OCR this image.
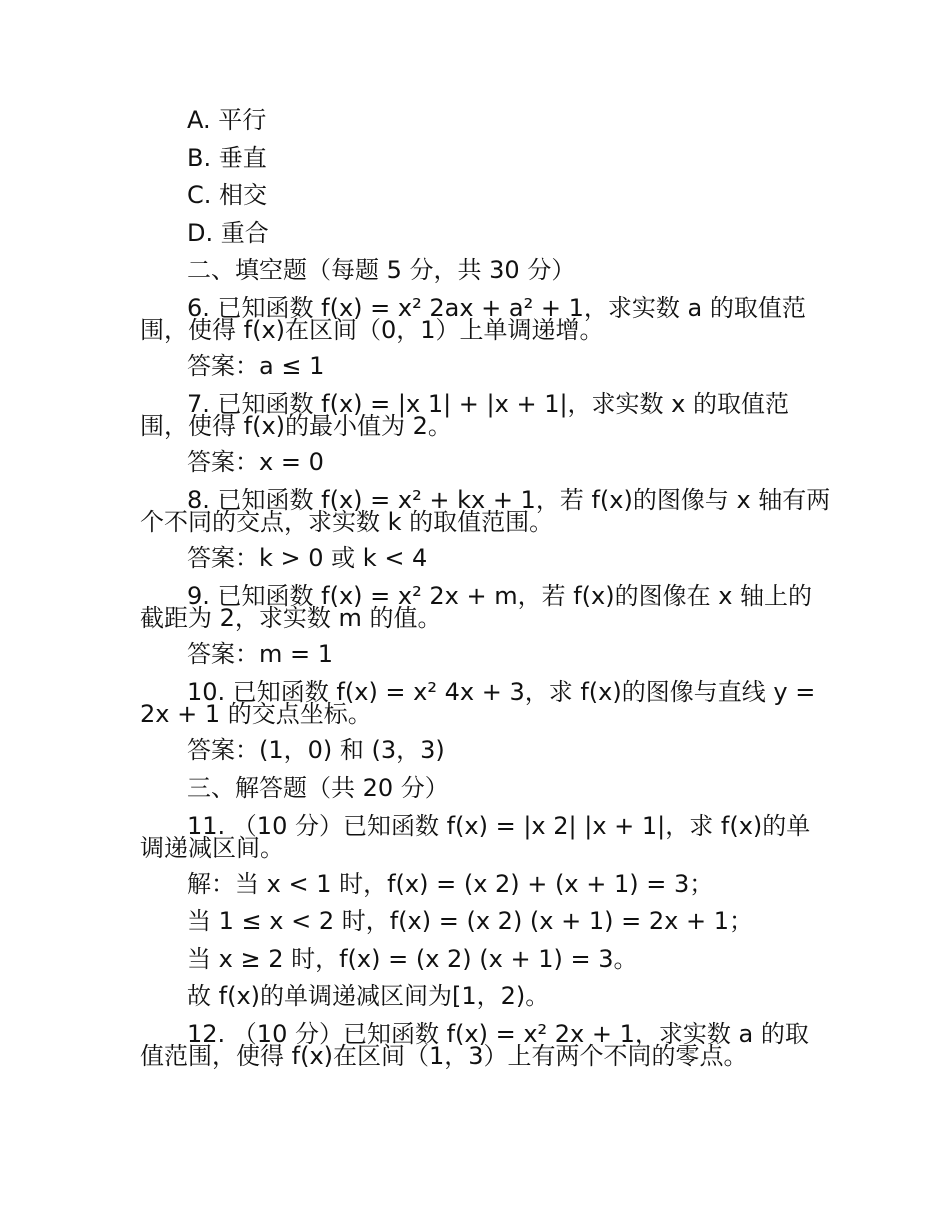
A. 平行

B. 垂直

C. 相交

D. 重合

二、填空题（每题 5 分，共 30 分）

6. 已知函数 f(x) = x² 2ax + a² + 1，求实数 a 的取值范

围，使得 f(x)在区间（0，1）上单调递增。

答案：a ≤ 1

7. 已知函数 f(x) = |x 1| + |x + 1|，求实数 x 的取值范

围，使得 f(x)的最小值为 2。

答案：x = 0

8. 已知函数 f(x) = x² + kx + 1，若 f(x)的图像与 x 轴有两

个不同的交点，求实数 k 的取值范围。

答案：k > 0 或 k < 4

9. 已知函数 f(x) = x² 2x + m，若 f(x)的图像在 x 轴上的

截距为 2，求实数 m 的值。

答案：m = 1

10. 已知函数 f(x) = x² 4x + 3，求 f(x)的图像与直线 y =

2x + 1 的交点坐标。

答案：(1，0) 和 (3，3)

三、解答题（共 20 分）

11. （10 分）已知函数 f(x) = |x 2| |x + 1|，求 f(x)的单

调递减区间。

解：当 x < 1 时，f(x) = (x 2) + (x + 1) = 3；

当 1 ≤ x < 2 时，f(x) = (x 2) (x + 1) = 2x + 1；

当 x ≥ 2 时，f(x) = (x 2) (x + 1) = 3。

故 f(x)的单调递减区间为[1，2)。

12. （10 分）已知函数 f(x) = x² 2x + 1，求实数 a 的取

值范围，使得 f(x)在区间（1，3）上有两个不同的零点。
